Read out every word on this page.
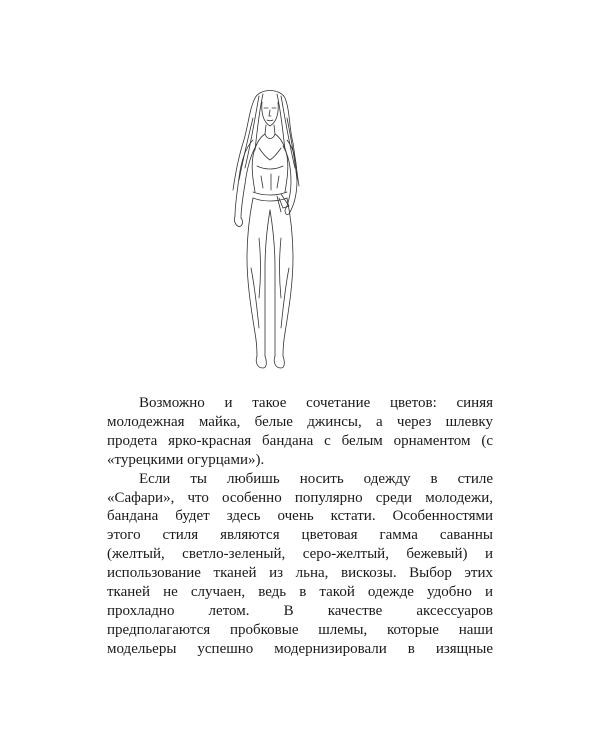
Возможно и такое сочетание цветов: синяя
молодежная майка, белые джинсы, а через шлевку
продета ярко-красная бандана с белым орнаментом (с
«турецкими огурцами»).
Если ты любишь носить одежду в стиле
«Сафари», что особенно популярно среди молодежи,
бандана будет здесь очень кстати. Особенностями
этого стиля являются цветовая гамма саванны
(желтый, светло-зеленый, серо-желтый, бежевый) и
использование тканей из льна, вискозы. Выбор этих
тканей не случаен, ведь в такой одежде удобно и
прохладно летом. В качестве аксессуаров
предполагаются пробковые шлемы, которые наши
модельеры успешно модернизировали в изящные
